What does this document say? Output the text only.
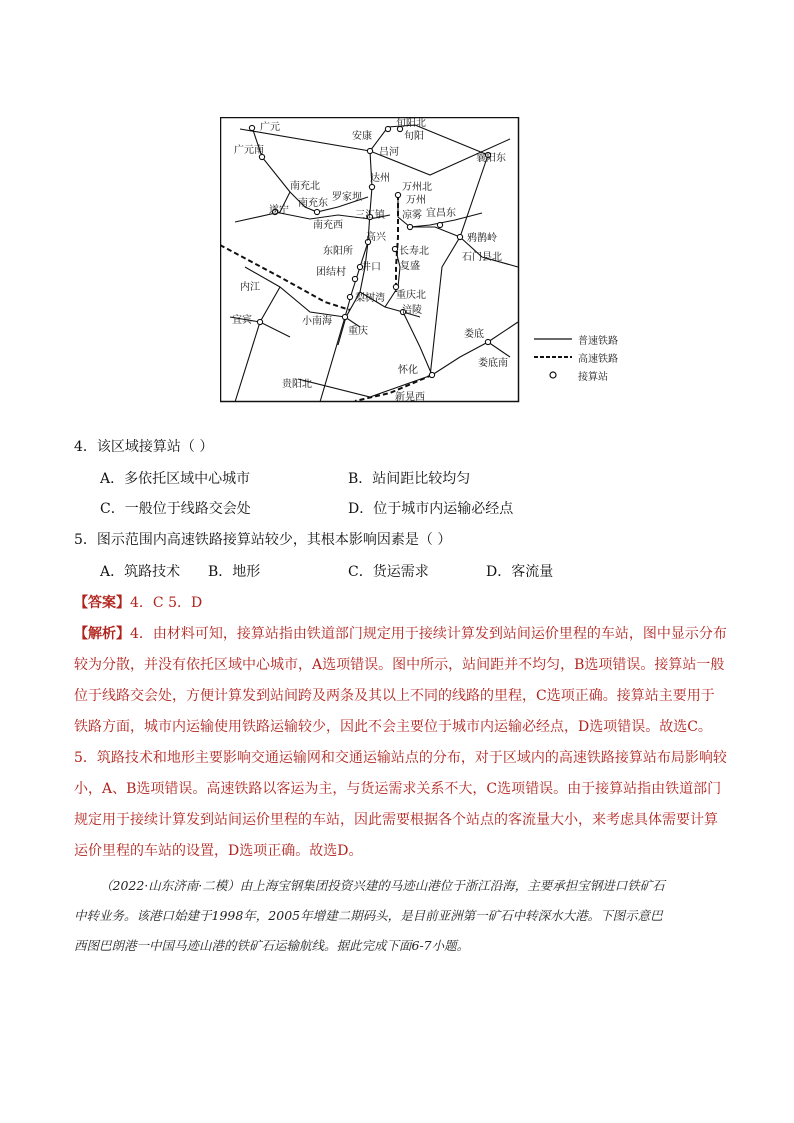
广元
广元南
安康
旬阳北
旬阳
吕河
襄阳东
达州
南充北
罗家坝
南充东
万州北
万州
遂宁
南充西
三汇镇 凉雾 宜昌东
高兴	鸦鹊岭
东阳所	长寿北
石门县北
团结村 井口 复盛
内江
重庆北
梨树湾
宜宾	小南海
涪陵
重庆	娄底
娄底南
怀化
贵阳北
新晃西
普速铁路
高速铁路
接算站
4．该区域接算站（ ）
A．多依托区域中心城市	B．站间距比较均匀
C．一般位于线路交会处	D．位于城市内运输必经点
5．图示范围内高速铁路接算站较少，其根本影响因素是（ ）
A．筑路技术 B．地形	C．货运需求	D．客流量
【答案】4．C 5．D
【解析】4．由材料可知，接算站指由铁道部门规定用于接续计算发到站间运价里程的车站，图中显示分布
较为分散，并没有依托区域中心城市，A选项错误。图中所示，站间距并不均匀，B选项错误。接算站一般
位于线路交会处，方便计算发到站间跨及两条及其以上不同的线路的里程，C选项正确。接算站主要用于
铁路方面，城市内运输使用铁路运输较少，因此不会主要位于城市内运输必经点，D选项错误。故选C。
5．筑路技术和地形主要影响交通运输网和交通运输站点的分布，对于区域内的高速铁路接算站布局影响较
小，A、B选项错误。高速铁路以客运为主，与货运需求关系不大，C选项错误。由于接算站指由铁道部门
规定用于接续计算发到站间运价里程的车站，因此需要根据各个站点的客流量大小，来考虑具体需要计算
运价里程的车站的设置，D选项正确。故选D。
（2022·山东济南·二模）由上海宝钢集团投资兴建的马迹山港位于浙江沿海，主要承担宝钢进口铁矿石
中转业务。该港口始建于1998年，2005年增建二期码头，是目前亚洲第一矿石中转深水大港。下图示意巴
西图巴朗港一中国马迹山港的铁矿石运输航线。据此完成下面6-7小题。
